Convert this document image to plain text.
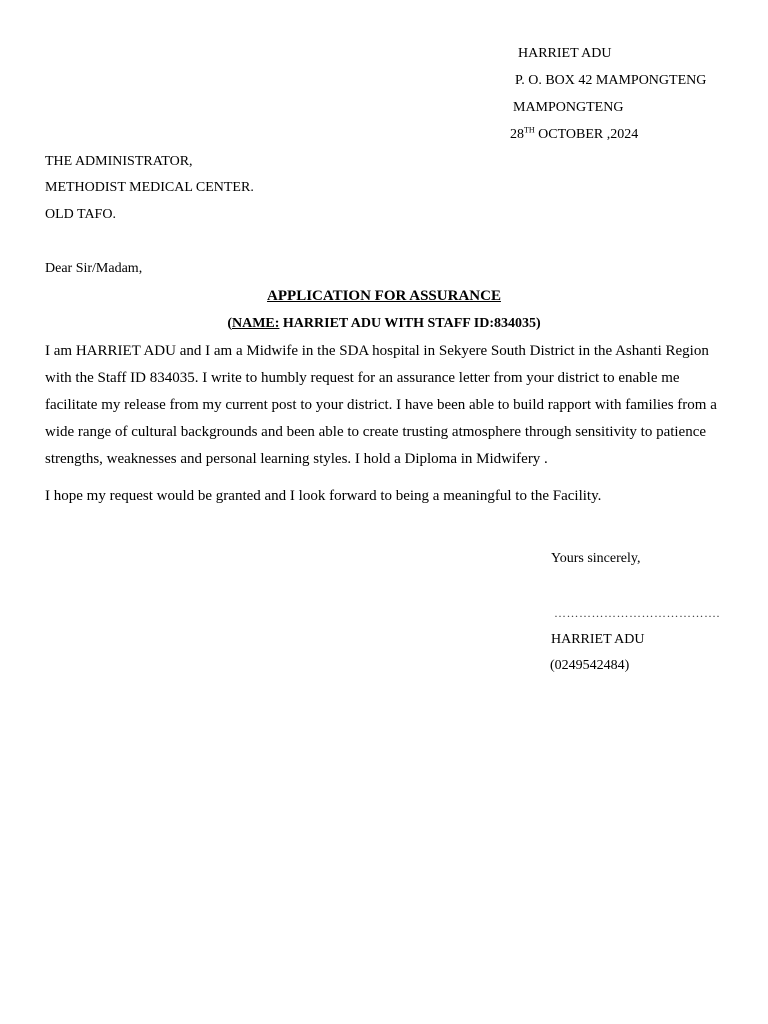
HARRIET ADU
P. O. BOX 42 MAMPONGTENG
MAMPONGTENG
28TH OCTOBER ,2024
THE ADMINISTRATOR,
METHODIST MEDICAL CENTER.
OLD TAFO.
Dear Sir/Madam,
APPLICATION FOR ASSURANCE
(NAME: HARRIET ADU WITH STAFF ID:834035)
I am HARRIET ADU and I am a Midwife in the SDA hospital in Sekyere South District in the Ashanti Region with the Staff ID 834035. I write to humbly request for an assurance letter from your district to enable me facilitate my release from my current post to your district. I have been able to build rapport with families from a wide range of cultural backgrounds and been able to create trusting atmosphere through sensitivity to patience strengths, weaknesses and personal learning styles. I hold a Diploma in Midwifery .
I hope my request would be granted and I look forward to being a meaningful to the Facility.
Yours sincerely,
………………………………….
HARRIET ADU
(0249542484)
